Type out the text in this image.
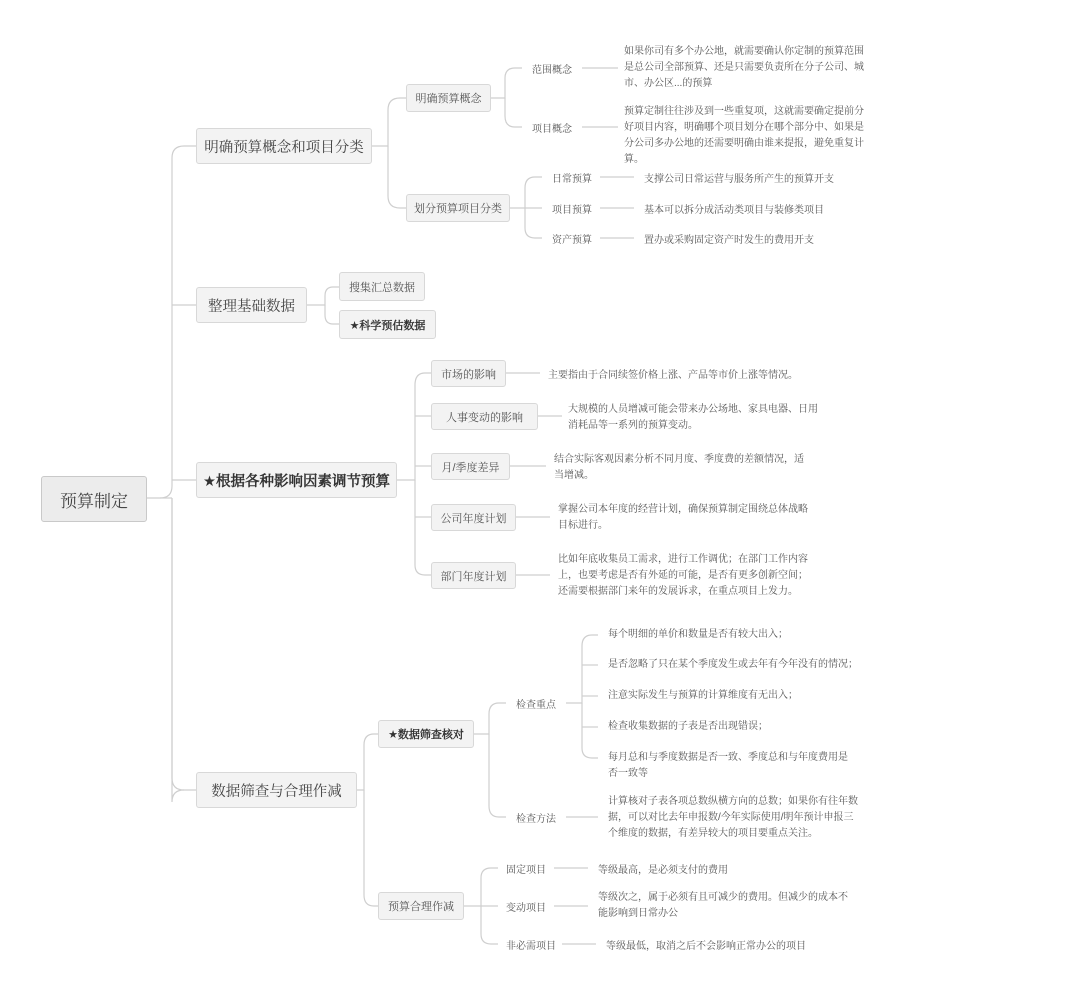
预算制定
明确预算概念和项目分类
明确预算概念
范围概念
如果你司有多个办公地，就需要确认你定制的预算范围是总公司全部预算、还是只需要负责所在分子公司、城市、办公区...的预算
项目概念
预算定制往往涉及到一些重复项，这就需要确定提前分好项目内容，明确哪个项目划分在哪个部分中、如果是分公司多办公地的还需要明确由谁来提报，避免重复计算。
划分预算项目分类
日常预算	支撑公司日常运营与服务所产生的预算开支
项目预算	基本可以拆分成活动类项目与装修类项目
资产预算	置办或采购固定资产时发生的费用开支
整理基础数据
搜集汇总数据
★科学预估数据
★根据各种影响因素调节预算
市场的影响	主要指由于合同续签价格上涨、产品等市价上涨等情况。
人事变动的影响
大规模的人员增减可能会带来办公场地、家具电器、日用消耗品等一系列的预算变动。
月/季度差异
结合实际客观因素分析不同月度、季度费的差额情况，适当增减。
公司年度计划
掌握公司本年度的经营计划，确保预算制定围绕总体战略目标进行。
部门年度计划
比如年底收集员工需求，进行工作调优；在部门工作内容上，也要考虑是否有外延的可能，是否有更多创新空间；还需要根据部门来年的发展诉求，在重点项目上发力。
数据筛查与合理作减
★数据筛查核对
检查重点
每个明细的单价和数量是否有较大出入；
是否忽略了只在某个季度发生或去年有今年没有的情况；
注意实际发生与预算的计算维度有无出入；
检查收集数据的子表是否出现错误；
每月总和与季度数据是否一致、季度总和与年度费用是否一致等
检查方法
计算核对子表各项总数纵横方向的总数；如果你有往年数据，可以对比去年申报数/今年实际使用/明年预计申报三个维度的数据，有差异较大的项目要重点关注。
预算合理作减
固定项目	等级最高，是必须支付的费用
变动项目
等级次之，属于必须有且可减少的费用。但减少的成本不能影响到日常办公
非必需项目	等级最低，取消之后不会影响正常办公的项目
